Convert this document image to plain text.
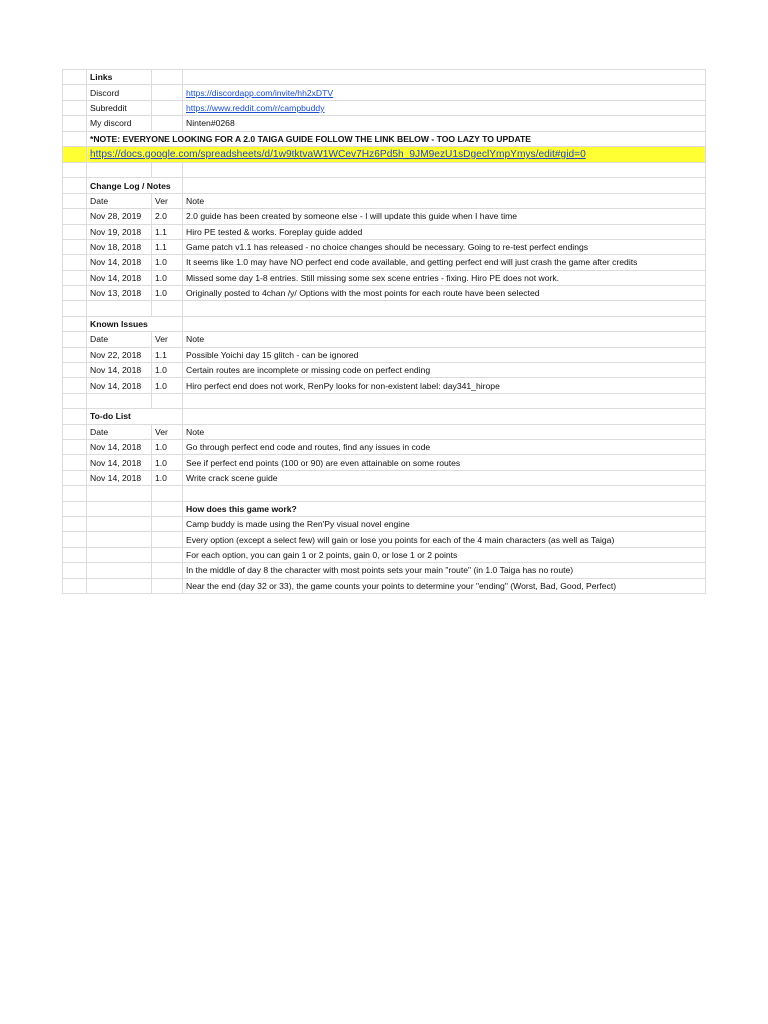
	Links		
	Discord		https://discordapp.com/invite/hh2xDTV
	Subreddit		https://www.reddit.com/r/campbuddy
	My discord		Ninten#0268
	*NOTE: EVERYONE LOOKING FOR A 2.0 TAIGA GUIDE FOLLOW THE LINK BELOW - TOO LAZY TO UPDATE		
	https://docs.google.com/spreadsheets/d/1w9tktvaW1WCev7Hz6Pd5h_9JM9ezU1sDgeclYmpYmys/edit#gid=0		

	Change Log / Notes		
	Date	Ver	Note
	Nov 28, 2019	2.0	2.0 guide has been created by someone else - I will update this guide when I have time
	Nov 19, 2018	1.1	Hiro PE tested & works. Foreplay guide added
	Nov 18, 2018	1.1	Game patch v1.1 has released - no choice changes should be necessary. Going to re-test perfect endings
	Nov 14, 2018	1.0	It seems like 1.0 may have NO perfect end code available, and getting perfect end will just crash the game after credits
	Nov 14, 2018	1.0	Missed some day 1-8 entries. Still missing some sex scene entries - fixing. Hiro PE does not work.
	Nov 13, 2018	1.0	Originally posted to 4chan /y/ Options with the most points for each route have been selected

	Known Issues		
	Date	Ver	Note
	Nov 22, 2018	1.1	Possible Yoichi day 15 glitch - can be ignored
	Nov 14, 2018	1.0	Certain routes are incomplete or missing code on perfect ending
	Nov 14, 2018	1.0	Hiro perfect end does not work, RenPy looks for non-existent label: day341_hirope

	To-do List		
	Date	Ver	Note
	Nov 14, 2018	1.0	Go through perfect end code and routes, find any issues in code
	Nov 14, 2018	1.0	See if perfect end points (100 or 90) are even attainable on some routes
	Nov 14, 2018	1.0	Write crack scene guide

			How does this game work?
			Camp buddy is made using the Ren'Py visual novel engine
			Every option (except a select few) will gain or lose you points for each of the 4 main characters (as well as Taiga)
			For each option, you can gain 1 or 2 points, gain 0, or lose 1 or 2 points
			In the middle of day 8 the character with most points sets your main "route" (in 1.0 Taiga has no route)
			Near the end (day 32 or 33), the game counts your points to determine your "ending" (Worst, Bad, Good, Perfect)
